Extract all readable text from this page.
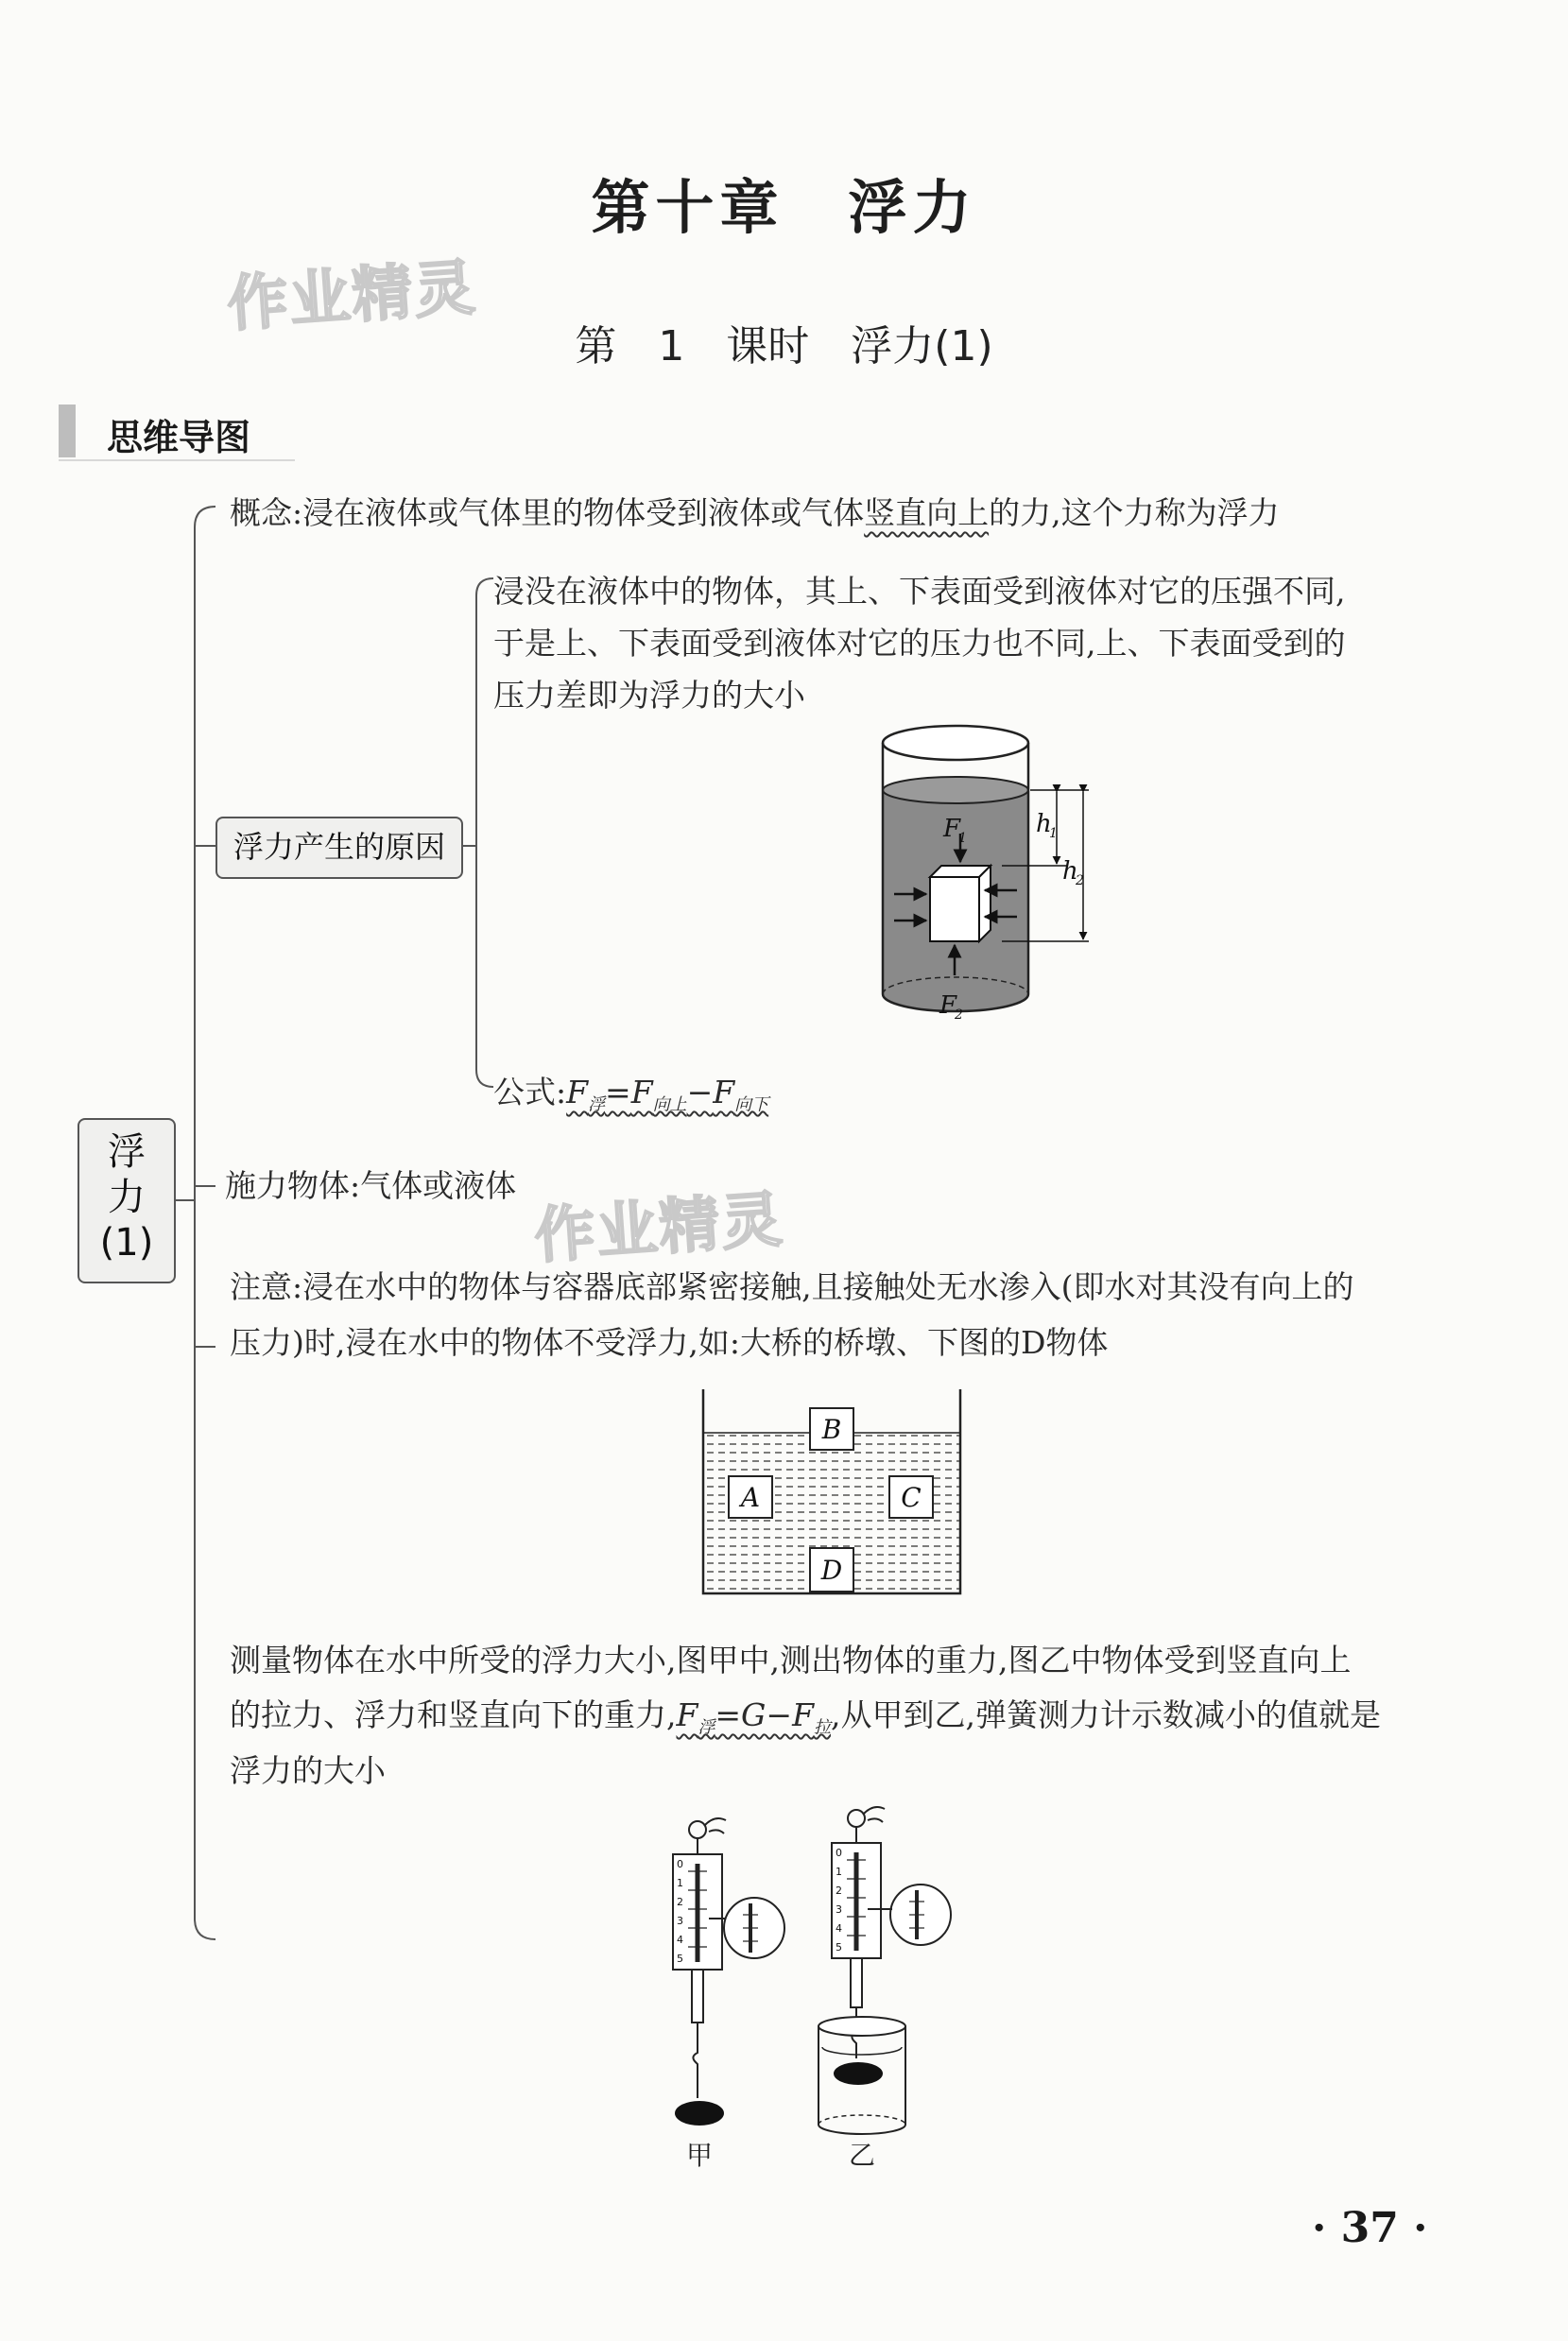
第十章　浮力
作业精灵
第 1 课时　浮力(1)
思维导图
浮
力
(1)
概念:浸在液体或气体里的物体受到液体或气体竖直向上的力,这个力称为浮力
浮力产生的原因
浸没在液体中的物体，其上、下表面受到液体对它的压强不同,
于是上、下表面受到液体对它的压力也不同,上、下表面受到的
压力差即为浮力的大小
F
1
F
2
h
1
h
2
公式$:F_浮=F_{向上}-F_{向下}$
施力物体:气体或液体 作业精灵
注意:浸在水中的物体与容器底部紧密接触,且接触处无水渗入(即水对其没有向上的
压力)时,浸在水中的物体不受浮力,如:大桥的桥墩、下图的D物体
B
A	C
D
测量物体在水中所受的浮力大小,图甲中,测出物体的重力,图乙中物体受到竖直向上
的拉力、浮力和竖直向下的重力$,F_浮=G-F_拉$,从甲到乙,弹簧测力计示数减小的值就是
浮力的大小
0
1
2
3
4
5
0
1
2
3
4
5
甲	乙
· 37 ·
